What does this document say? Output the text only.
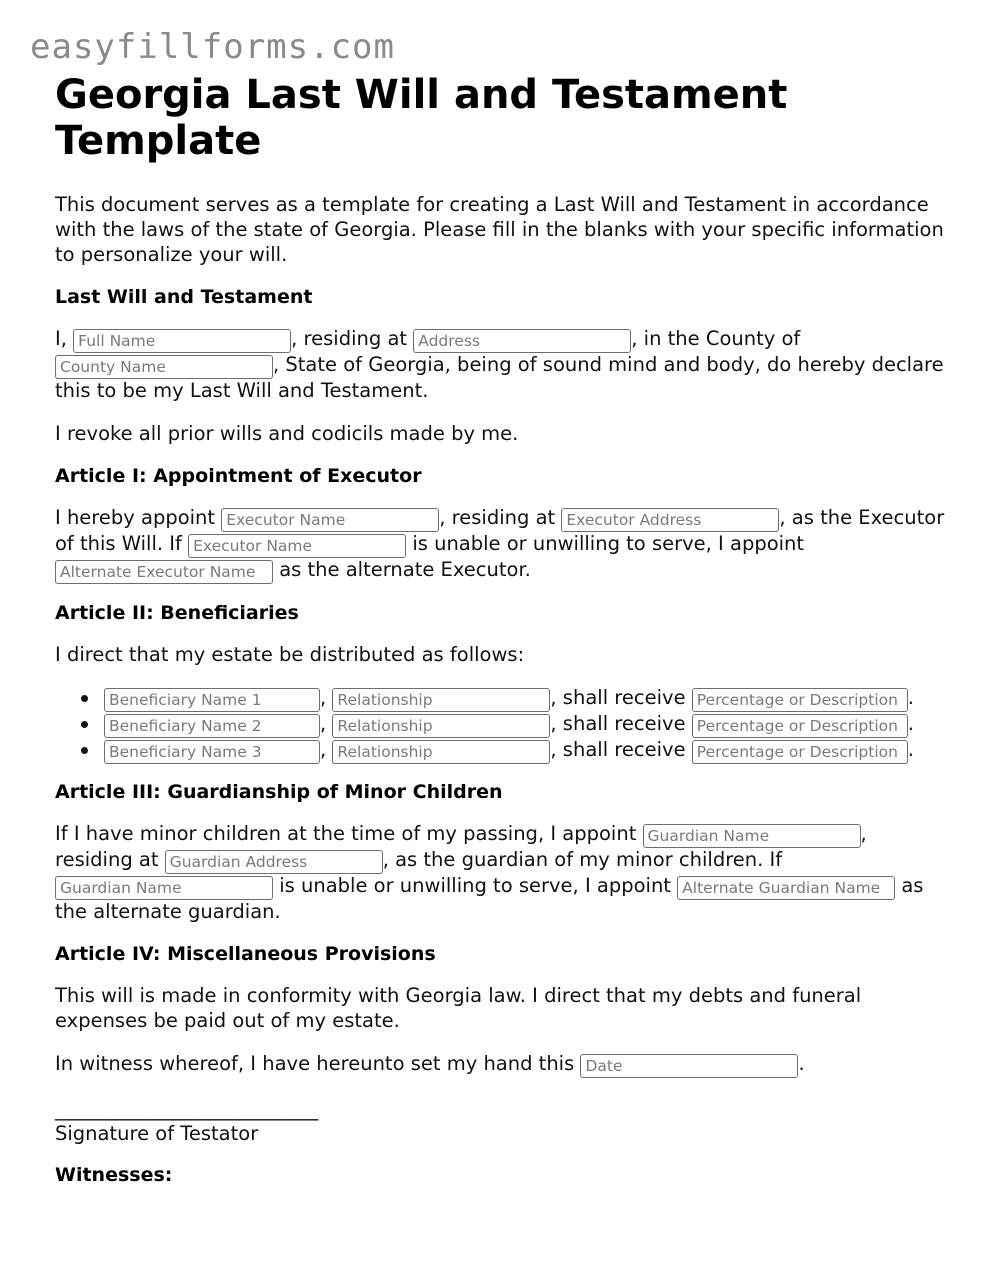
easyfillforms.com
Georgia Last Will and Testament Template

This document serves as a template for creating a Last Will and Testament in accordance with the laws of the state of Georgia. Please fill in the blanks with your specific information to personalize your will.

Last Will and Testament

I, Full Name	, residing at Address	, in the County of County Name, State of Georgia, being of sound mind and body, do hereby declare this to be my Last Will and Testament.

I revoke all prior wills and codicils made by me.

Article I: Appointment of Executor

I hereby appoint Executor Name	, residing at Executor Address	, as the Executor of this Will. If Executor Name	is unable or unwilling to serve, I appoint Alternate Executor Name as the alternate Executor.

Article II: Beneficiaries

I direct that my estate be distributed as follows:

Beneficiary Name 1, Relationship	, shall receive Percentage or Description	.
Beneficiary Name 2, Relationship	, shall receive Percentage or Description	.
Beneficiary Name 3, Relationship	, shall receive Percentage or Description	.
Article III: Guardianship of Minor Children

If I have minor children at the time of my passing, I appoint Guardian Name	, residing at Guardian Address	, as the guardian of my minor children. If Guardian Name is unable or unwilling to serve, I appoint Alternate Guardian Name	as the alternate guardian.

Article IV: Miscellaneous Provisions

This will is made in conformity with Georgia law. I direct that my debts and funeral expenses be paid out of my estate.

In witness whereof, I have hereunto set my hand this Date	.

___________________________
Signature of Testator
Witnesses:
